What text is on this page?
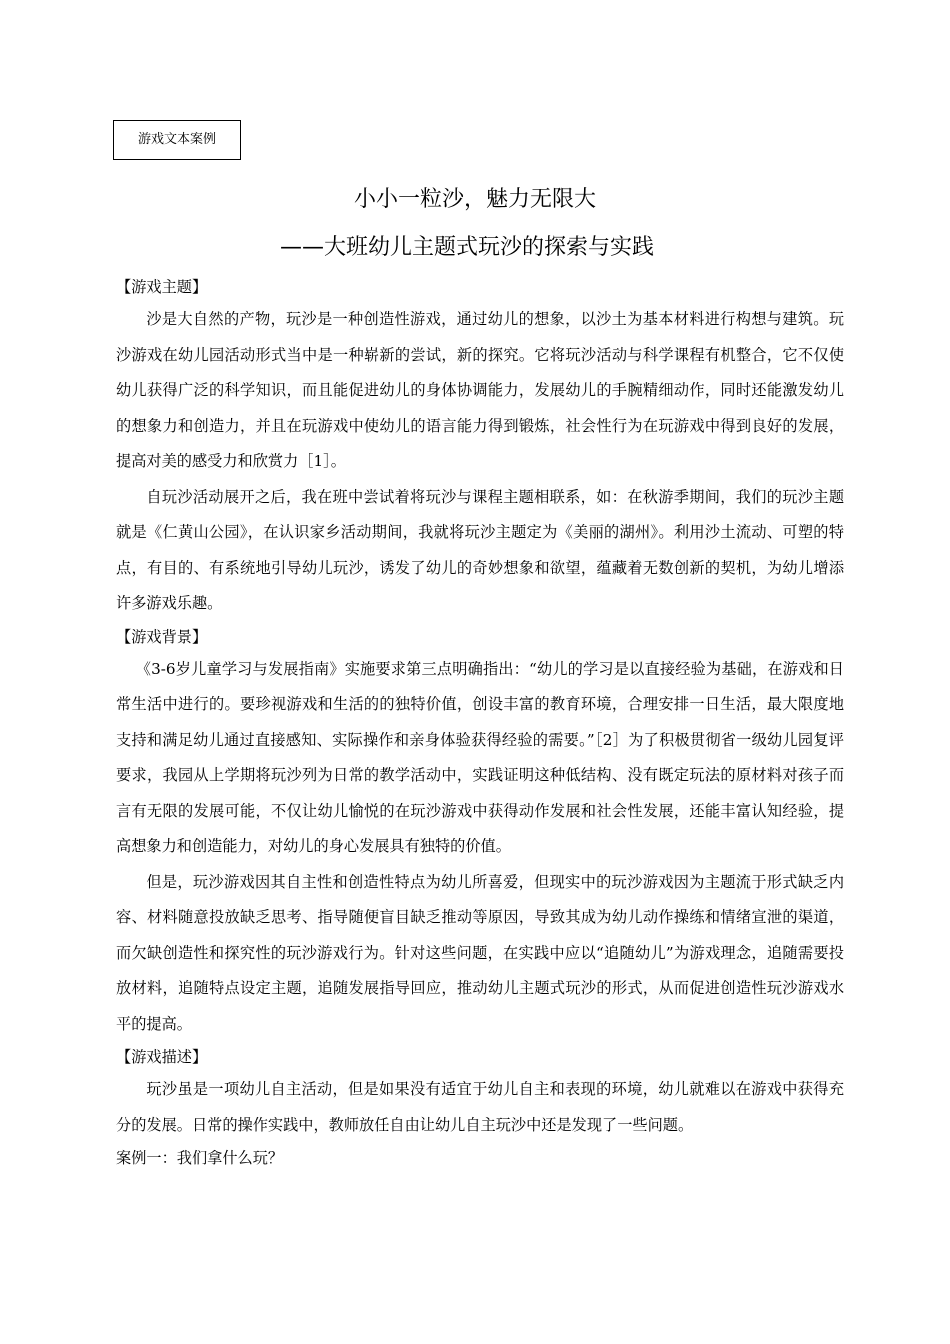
游戏文本案例
小小一粒沙，魅力无限大
——大班幼儿主题式玩沙的探索与实践

【游戏主题】

沙是大自然的产物，玩沙是一种创造性游戏，通过幼儿的想象，以沙土为基本材料进行构想与建筑。玩沙游戏在幼儿园活动形式当中是一种崭新的尝试，新的探究。它将玩沙活动与科学课程有机整合，它不仅使幼儿获得广泛的科学知识，而且能促进幼儿的身体协调能力，发展幼儿的手腕精细动作，同时还能激发幼儿的想象力和创造力，并且在玩游戏中使幼儿的语言能力得到锻炼，社会性行为在玩游戏中得到良好的发展，提高对美的感受力和欣赏力［1］。

自玩沙活动展开之后，我在班中尝试着将玩沙与课程主题相联系，如：在秋游季期间，我们的玩沙主题就是《仁黄山公园》，在认识家乡活动期间，我就将玩沙主题定为《美丽的湖州》。利用沙土流动、可塑的特点，有目的、有系统地引导幼儿玩沙，诱发了幼儿的奇妙想象和欲望，蕴藏着无数创新的契机，为幼儿增添许多游戏乐趣。

【游戏背景】

《3-6岁儿童学习与发展指南》实施要求第三点明确指出：“幼儿的学习是以直接经验为基础，在游戏和日常生活中进行的。要珍视游戏和生活的的独特价值，创设丰富的教育环境，合理安排一日生活，最大限度地支持和满足幼儿通过直接感知、实际操作和亲身体验获得经验的需要。”［2］为了积极贯彻省一级幼儿园复评要求，我园从上学期将玩沙列为日常的教学活动中，实践证明这种低结构、没有既定玩法的原材料对孩子而言有无限的发展可能，不仅让幼儿愉悦的在玩沙游戏中获得动作发展和社会性发展，还能丰富认知经验，提高想象力和创造能力，对幼儿的身心发展具有独特的价值。

但是，玩沙游戏因其自主性和创造性特点为幼儿所喜爱，但现实中的玩沙游戏因为主题流于形式缺乏内容、材料随意投放缺乏思考、指导随便盲目缺乏推动等原因，导致其成为幼儿动作操练和情绪宣泄的渠道，而欠缺创造性和探究性的玩沙游戏行为。针对这些问题，在实践中应以“追随幼儿”为游戏理念，追随需要投放材料，追随特点设定主题，追随发展指导回应，推动幼儿主题式玩沙的形式，从而促进创造性玩沙游戏水平的提高。

【游戏描述】

玩沙虽是一项幼儿自主活动，但是如果没有适宜于幼儿自主和表现的环境，幼儿就难以在游戏中获得充分的发展。日常的操作实践中，教师放任自由让幼儿自主玩沙中还是发现了一些问题。

案例一：我们拿什么玩？
